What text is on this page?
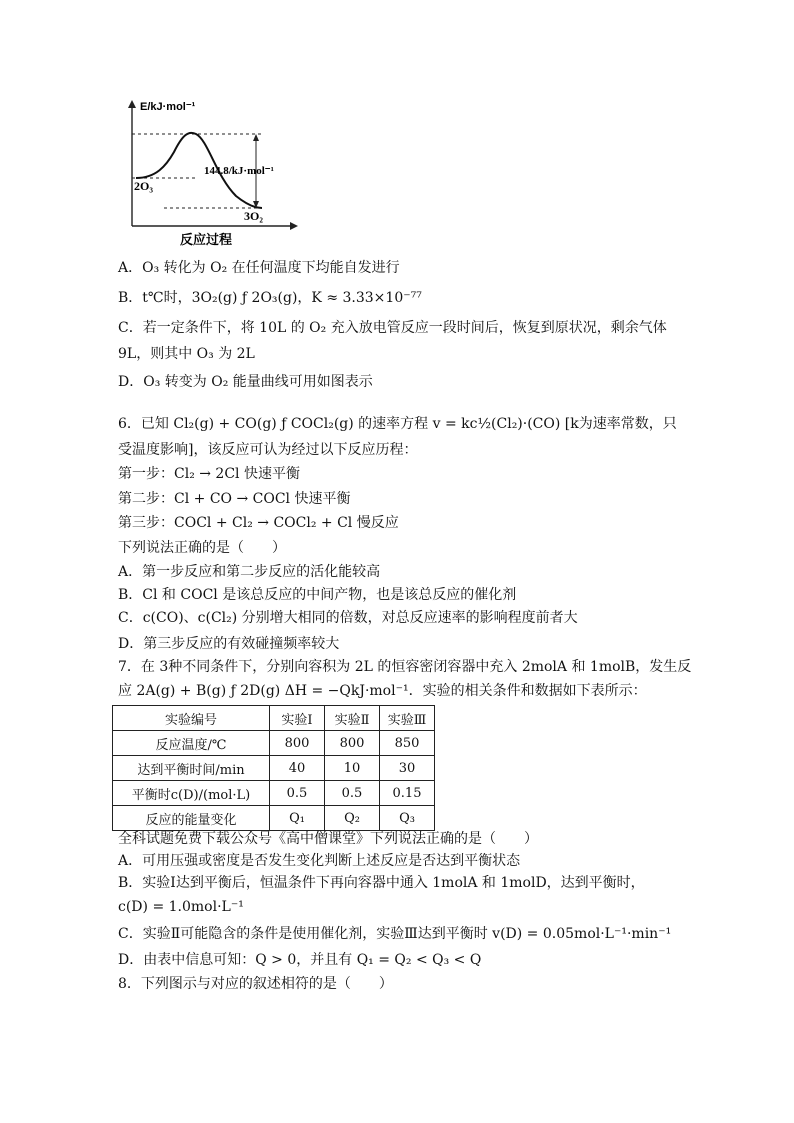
E/kJ·mol⁻¹
2O₃
144.8/kJ·mol⁻¹
3O₂
反应过程
A．O₃ 转化为 O₂ 在任何温度下均能自发进行
B．t℃时，3O₂(g) ƒ 2O₃(g)，K ≈ 3.33×10⁻⁷⁷
C．若一定条件下，将 10L 的 O₂ 充入放电管反应一段时间后，恢复到原状况，剩余气体
9L，则其中 O₃ 为 2L
D．O₃ 转变为 O₂ 能量曲线可用如图表示
6．已知 Cl₂(g) + CO(g) ƒ COCl₂(g) 的速率方程 v = kc½(Cl₂)·(CO) [k为速率常数，只
受温度影响]，该反应可认为经过以下反应历程：
第一步：Cl₂ → 2Cl 快速平衡
第二步：Cl + CO → COCl 快速平衡
第三步：COCl + Cl₂ → COCl₂ + Cl 慢反应
下列说法正确的是（　　）
A．第一步反应和第二步反应的活化能较高
B．Cl 和 COCl 是该总反应的中间产物，也是该总反应的催化剂
C．c(CO)、c(Cl₂) 分别增大相同的倍数，对总反应速率的影响程度前者大
D．第三步反应的有效碰撞频率较大
7．在 3种不同条件下，分别向容积为 2L 的恒容密闭容器中充入 2molA 和 1molB，发生反
应 2A(g) + B(g) ƒ 2D(g) ΔH = −QkJ·mol⁻¹．实验的相关条件和数据如下表所示：
实验编号	实验Ⅰ	实验Ⅱ	实验Ⅲ
反应温度/℃	800	800	850
达到平衡时间/min	40	10	30
平衡时c(D)/(mol·L)	0.5	0.5	0.15
反应的能量变化	Q₁	Q₂	Q₃
全科试题免费下载公众号《高中僧课堂》下列说法正确的是（　　）
A．可用压强或密度是否发生变化判断上述反应是否达到平衡状态
B．实验Ⅰ达到平衡后，恒温条件下再向容器中通入 1molA 和 1molD，达到平衡时，
c(D) = 1.0mol·L⁻¹
C．实验Ⅱ可能隐含的条件是使用催化剂，实验Ⅲ达到平衡时 v(D) = 0.05mol·L⁻¹·min⁻¹
D．由表中信息可知：Q > 0，并且有 Q₁ = Q₂ < Q₃ < Q
8．下列图示与对应的叙述相符的是（　　）
